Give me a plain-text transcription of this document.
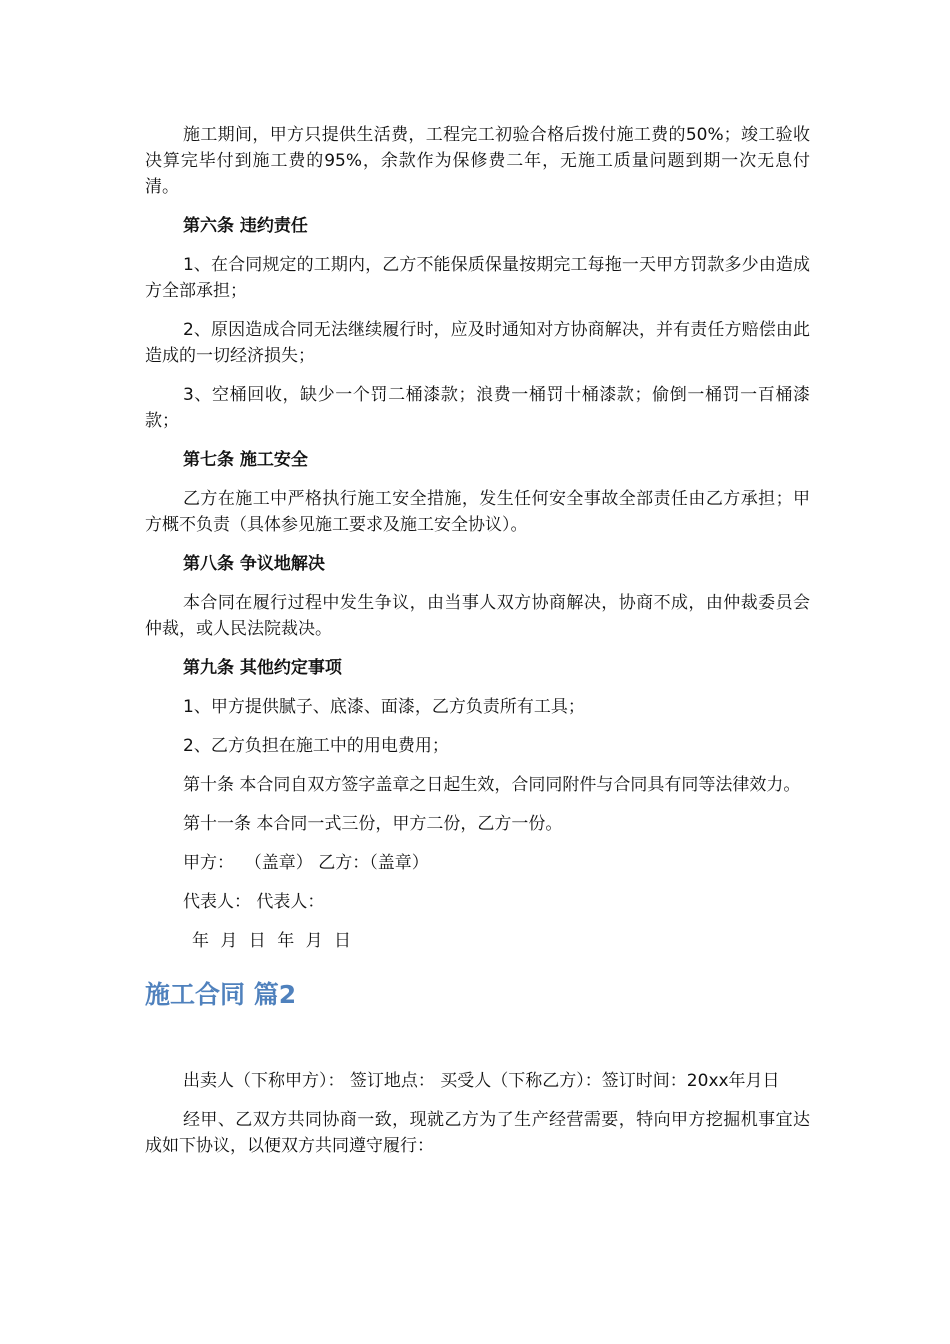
施工期间，甲方只提供生活费，工程完工初验合格后拨付施工费的50%；竣工验收决算完毕付到施工费的95%，余款作为保修费二年，无施工质量问题到期一次无息付清。

第六条 违约责任

1、在合同规定的工期内，乙方不能保质保量按期完工每拖一天甲方罚款多少由造成方全部承担；

2、原因造成合同无法继续履行时，应及时通知对方协商解决，并有责任方赔偿由此造成的一切经济损失；

3、空桶回收，缺少一个罚二桶漆款；浪费一桶罚十桶漆款；偷倒一桶罚一百桶漆款；

第七条 施工安全

乙方在施工中严格执行施工安全措施，发生任何安全事故全部责任由乙方承担；甲方概不负责（具体参见施工要求及施工安全协议）。

第八条 争议地解决

本合同在履行过程中发生争议，由当事人双方协商解决，协商不成，由仲裁委员会仲裁，或人民法院裁决。

第九条 其他约定事项

1、甲方提供腻子、底漆、面漆，乙方负责所有工具；

2、乙方负担在施工中的用电费用；

第十条 本合同自双方签字盖章之日起生效，合同同附件与合同具有同等法律效力。

第十一条 本合同一式三份，甲方二份，乙方一份。

甲方：  （盖章） 乙方：（盖章）

代表人： 代表人：

年 月 日 年 月 日

施工合同 篇2

出卖人（下称甲方）： 签订地点： 买受人（下称乙方）：签订时间：20xx年月日

经甲、乙双方共同协商一致，现就乙方为了生产经营需要，特向甲方挖掘机事宜达成如下协议，以便双方共同遵守履行：
